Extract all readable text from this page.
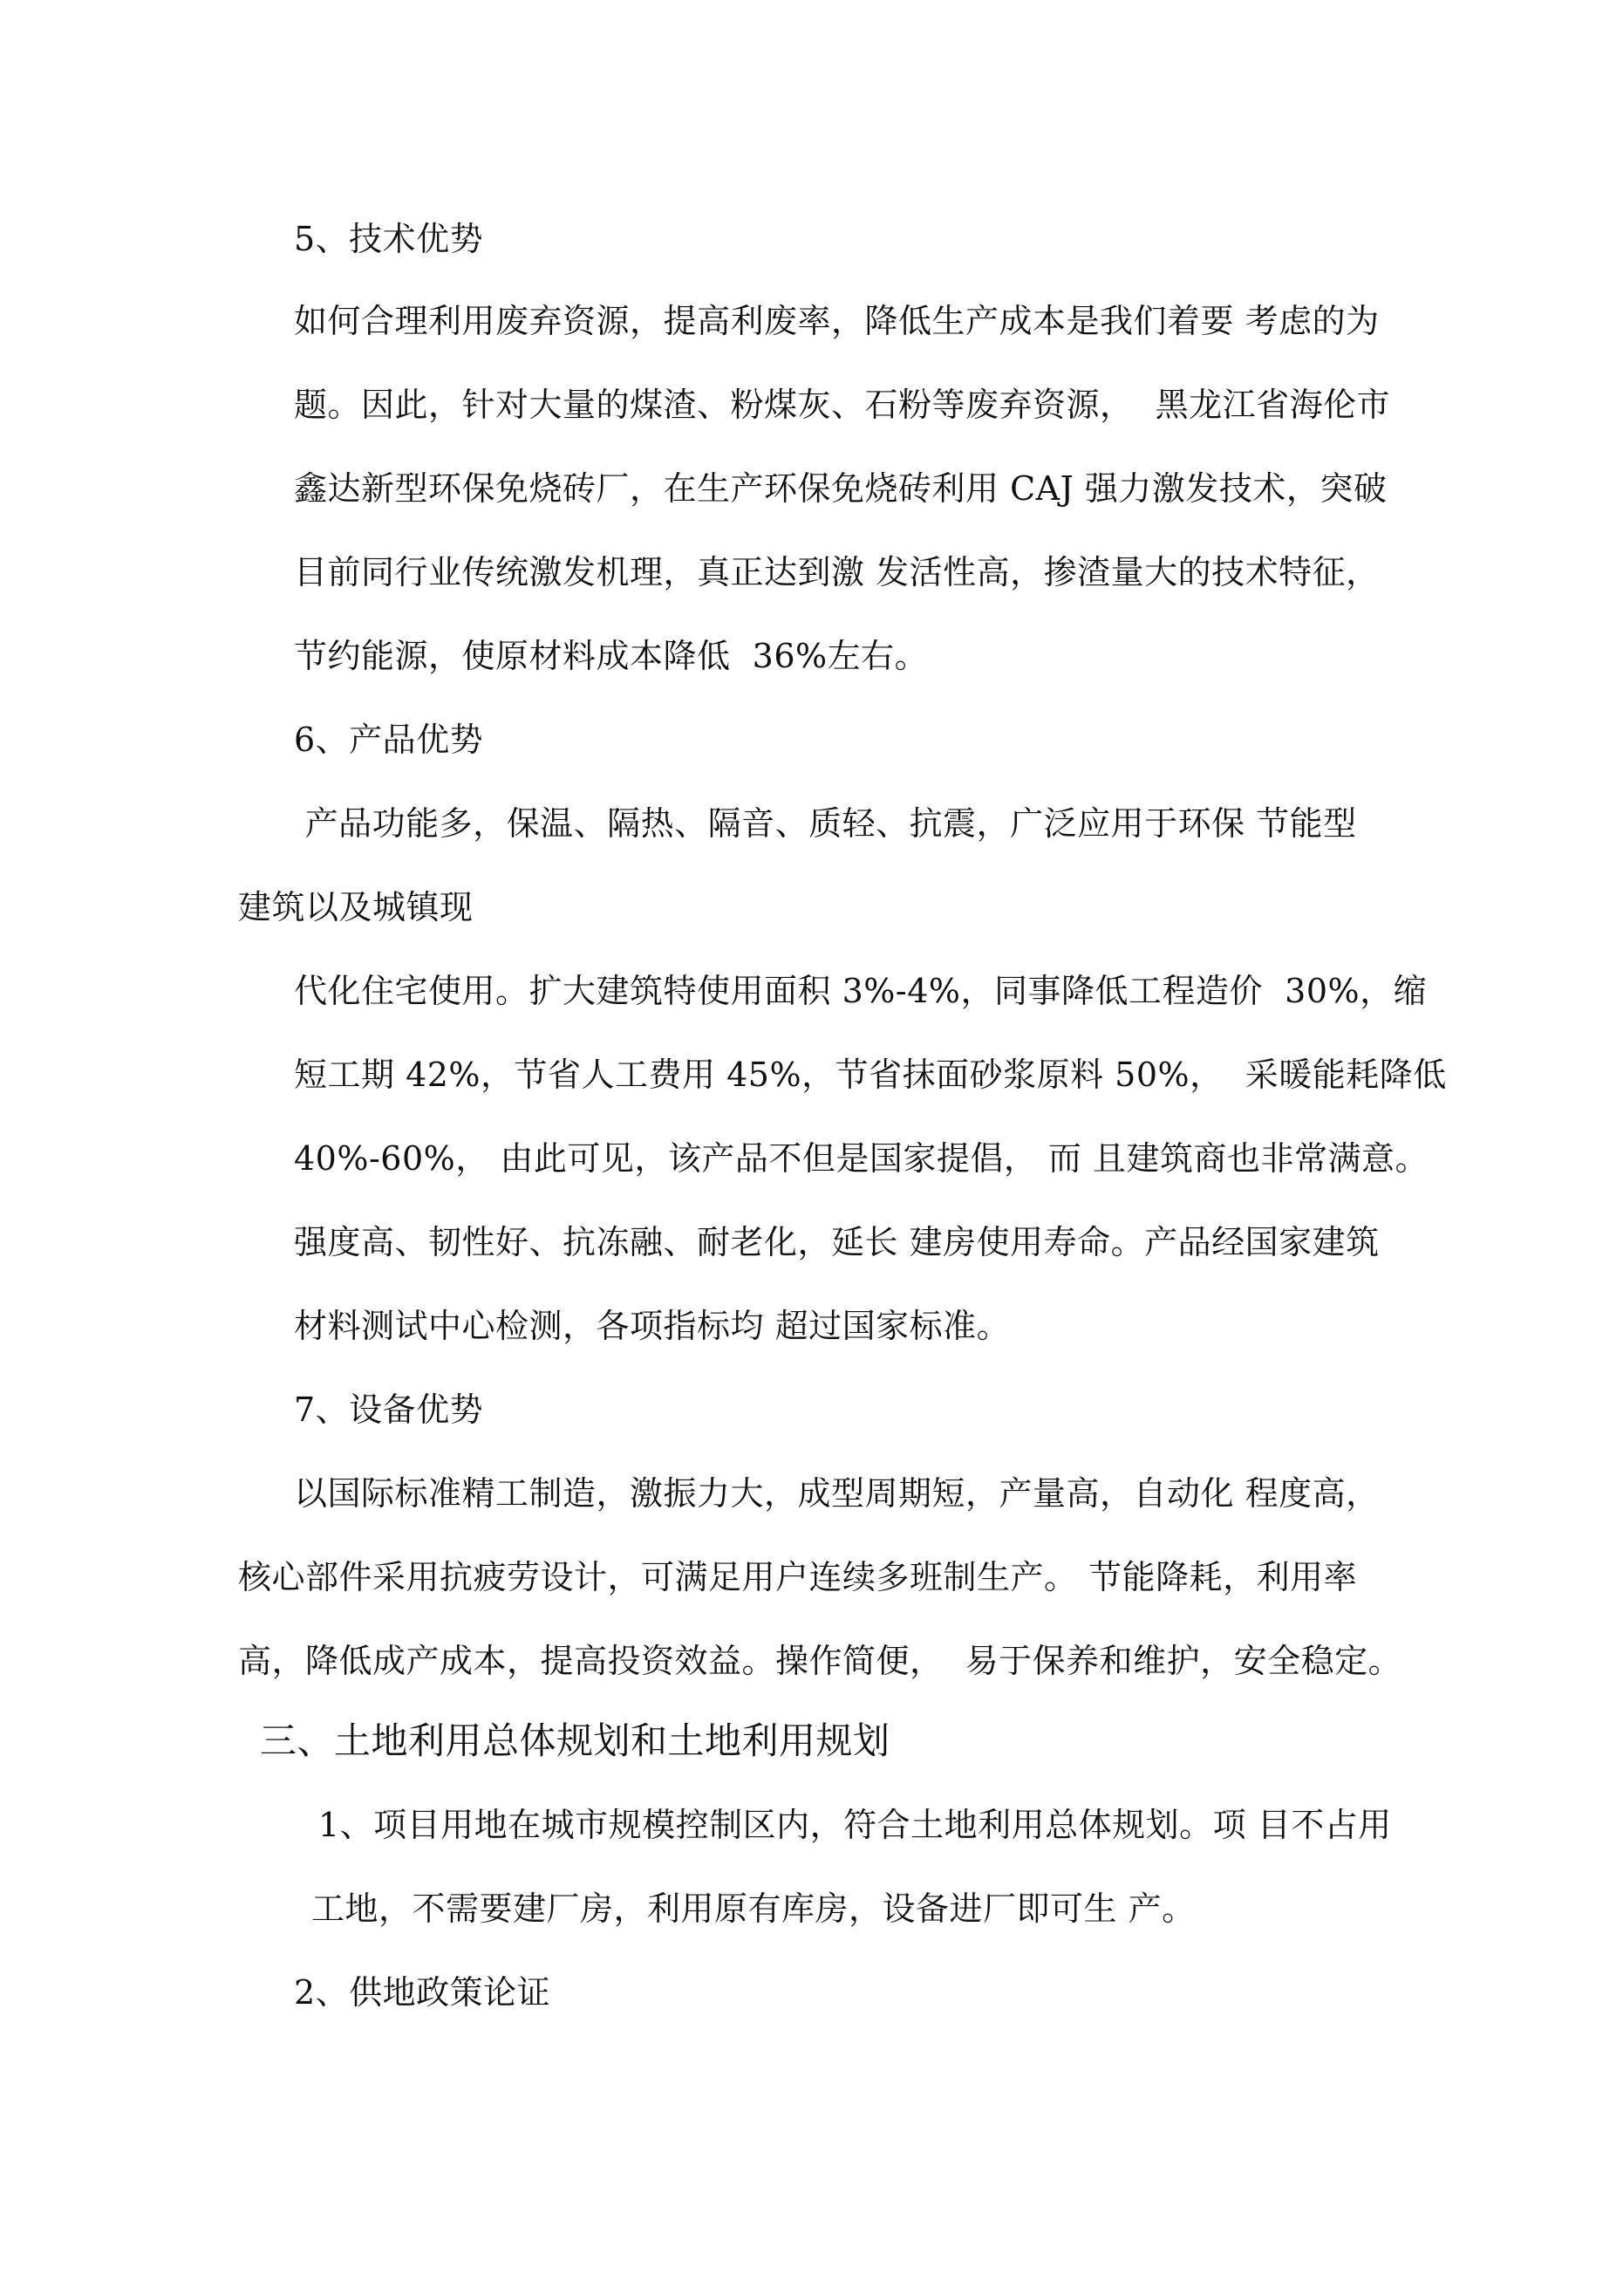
5、技术优势
如何合理利用废弃资源，提高利废率，降低生产成本是我们着要 考虑的为
题。因此，针对大量的煤渣、粉煤灰、石粉等废弃资源，  黑龙江省海伦市
鑫达新型环保免烧砖厂，在生产环保免烧砖利用 CAJ 强力激发技术，突破
目前同行业传统激发机理，真正达到激 发活性高，掺渣量大的技术特征，
节约能源，使原材料成本降低  36%左右。
6、产品优势
产品功能多，保温、隔热、隔音、质轻、抗震，广泛应用于环保 节能型
建筑以及城镇现
代化住宅使用。扩大建筑特使用面积 3%-4%，同事降低工程造价  30%，缩
短工期 42%，节省人工费用 45%，节省抹面砂浆原料 50%，  采暖能耗降低
40%-60%， 由此可见，该产品不但是国家提倡， 而 且建筑商也非常满意。
强度高、韧性好、抗冻融、耐老化，延长 建房使用寿命。产品经国家建筑
材料测试中心检测，各项指标均 超过国家标准。
7、设备优势
以国际标准精工制造，激振力大，成型周期短，产量高，自动化 程度高，
核心部件采用抗疲劳设计，可满足用户连续多班制生产。 节能降耗，利用率
高，降低成产成本，提高投资效益。操作简便，  易于保养和维护，安全稳定。
三、土地利用总体规划和土地利用规划
1、项目用地在城市规模控制区内，符合土地利用总体规划。项 目不占用
工地，不需要建厂房，利用原有库房，设备进厂即可生 产。
2、供地政策论证
